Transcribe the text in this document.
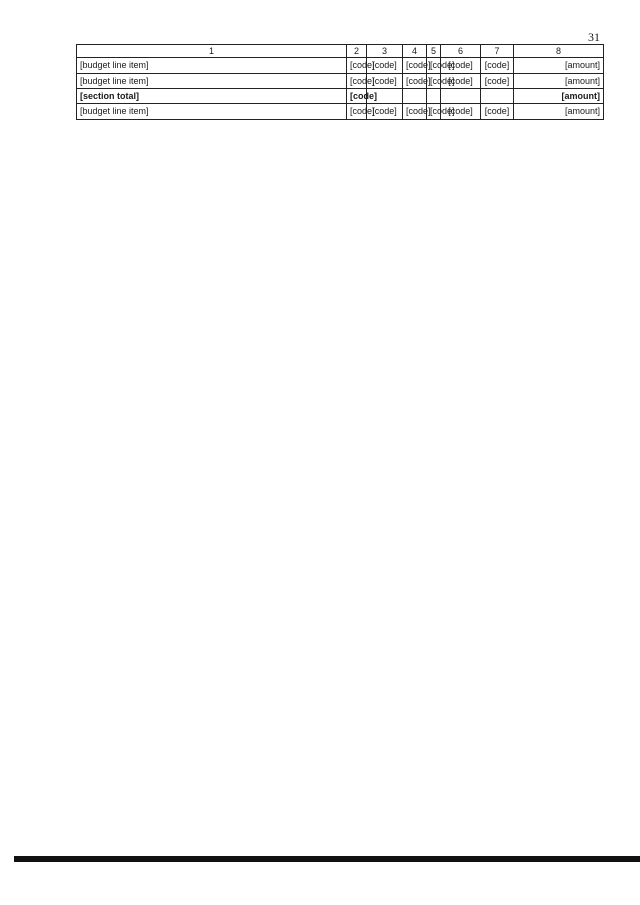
31
1	2	3	4	5	6	7	8
[budget line item]	[code]	[code]	[code]	[code]	[code]	[code]	[amount]
[budget line item]	[code]	[code]	[code]	[code]	[code]	[code]	[amount]
[section total]	[code]						[amount]
[budget line item]	[code]	[code]	[code]	[code]	[code]	[code]	[amount]
